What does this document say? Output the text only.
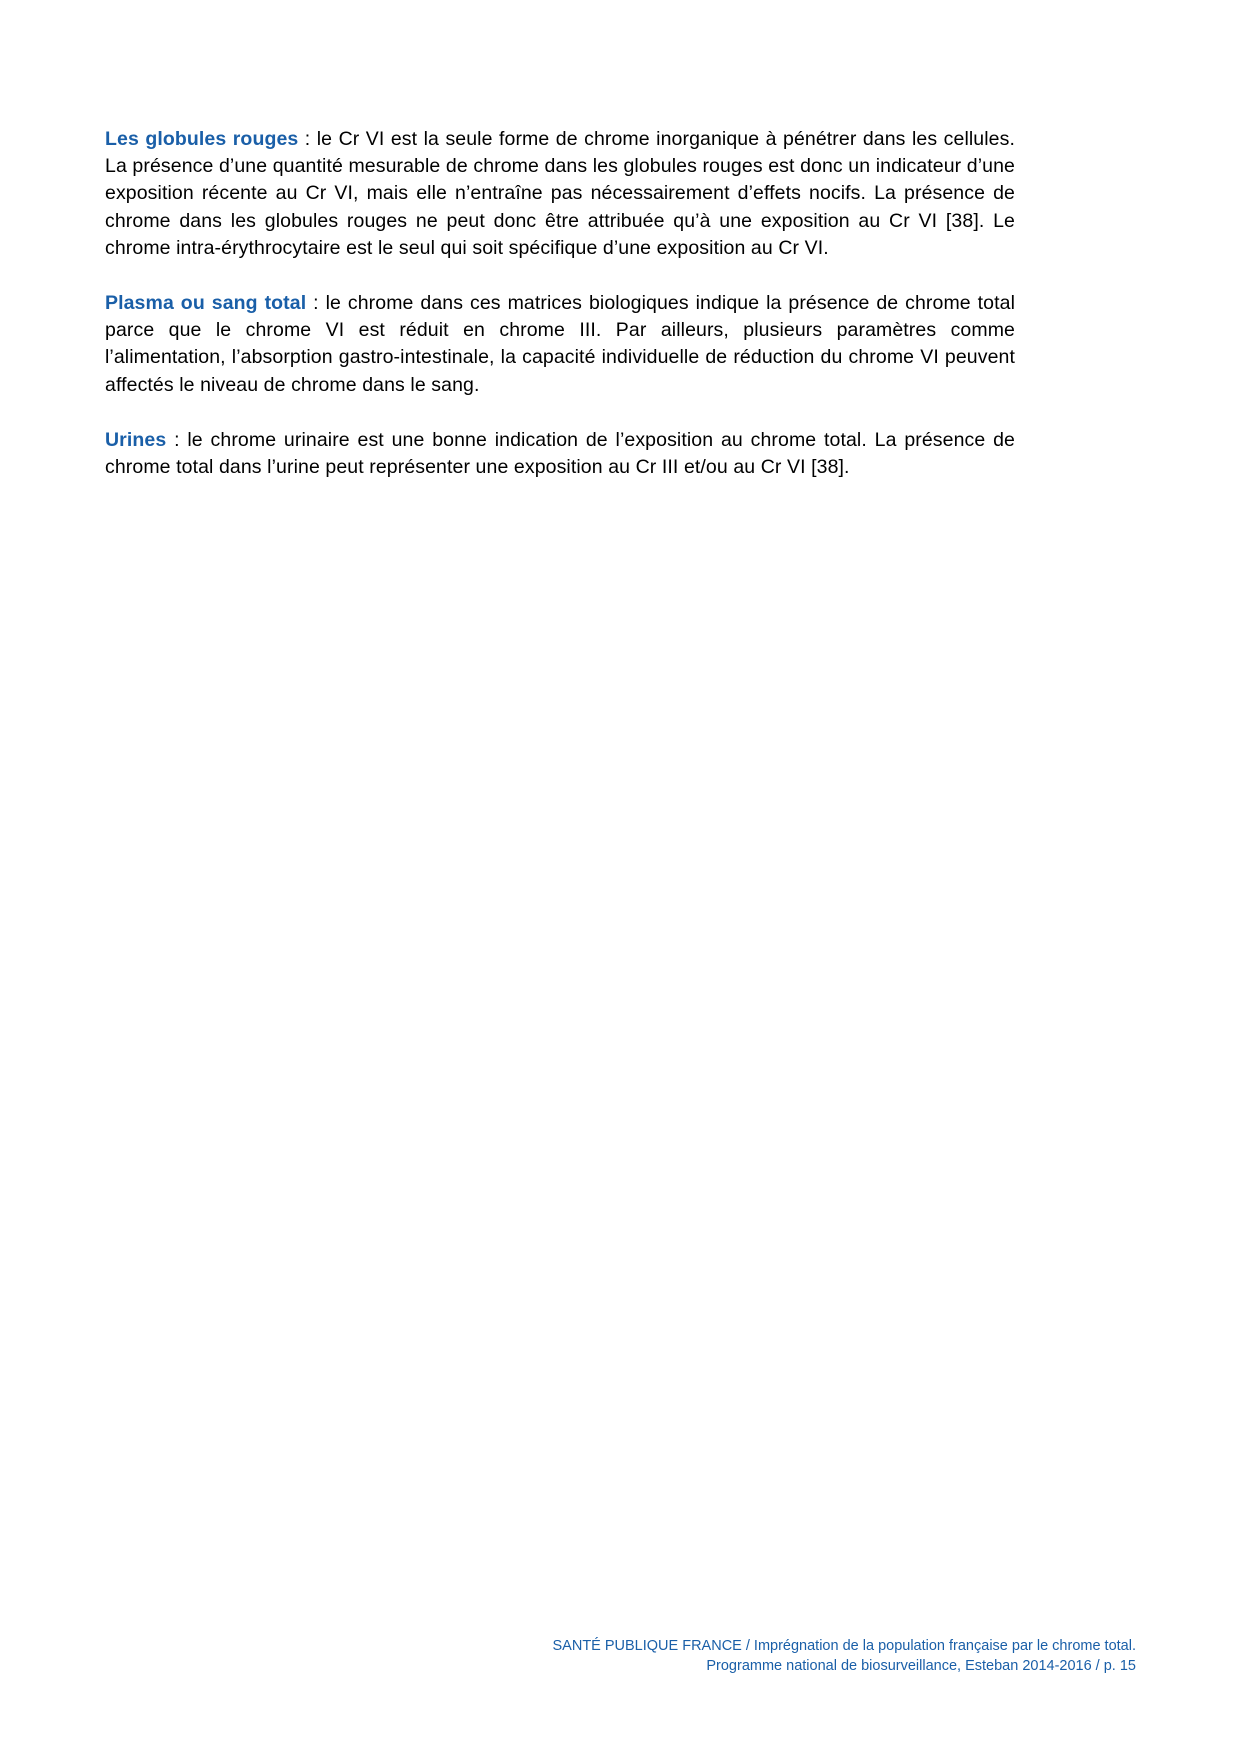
Les globules rouges : le Cr VI est la seule forme de chrome inorganique à pénétrer dans les cellules. La présence d’une quantité mesurable de chrome dans les globules rouges est donc un indicateur d’une exposition récente au Cr VI, mais elle n’entraîne pas nécessairement d’effets nocifs. La présence de chrome dans les globules rouges ne peut donc être attribuée qu’à une exposition au Cr VI [38]. Le chrome intra-érythrocytaire est le seul qui soit spécifique d’une exposition au Cr VI.

Plasma ou sang total : le chrome dans ces matrices biologiques indique la présence de chrome total parce que le chrome VI est réduit en chrome III. Par ailleurs, plusieurs paramètres comme l’alimentation, l’absorption gastro-intestinale, la capacité individuelle de réduction du chrome VI peuvent affectés le niveau de chrome dans le sang.

Urines : le chrome urinaire est une bonne indication de l’exposition au chrome total. La présence de chrome total dans l’urine peut représenter une exposition au Cr III et/ou au Cr VI [38].

SANTÉ PUBLIQUE FRANCE / Imprégnation de la population française par le chrome total.
Programme national de biosurveillance, Esteban 2014-2016 / p. 15
